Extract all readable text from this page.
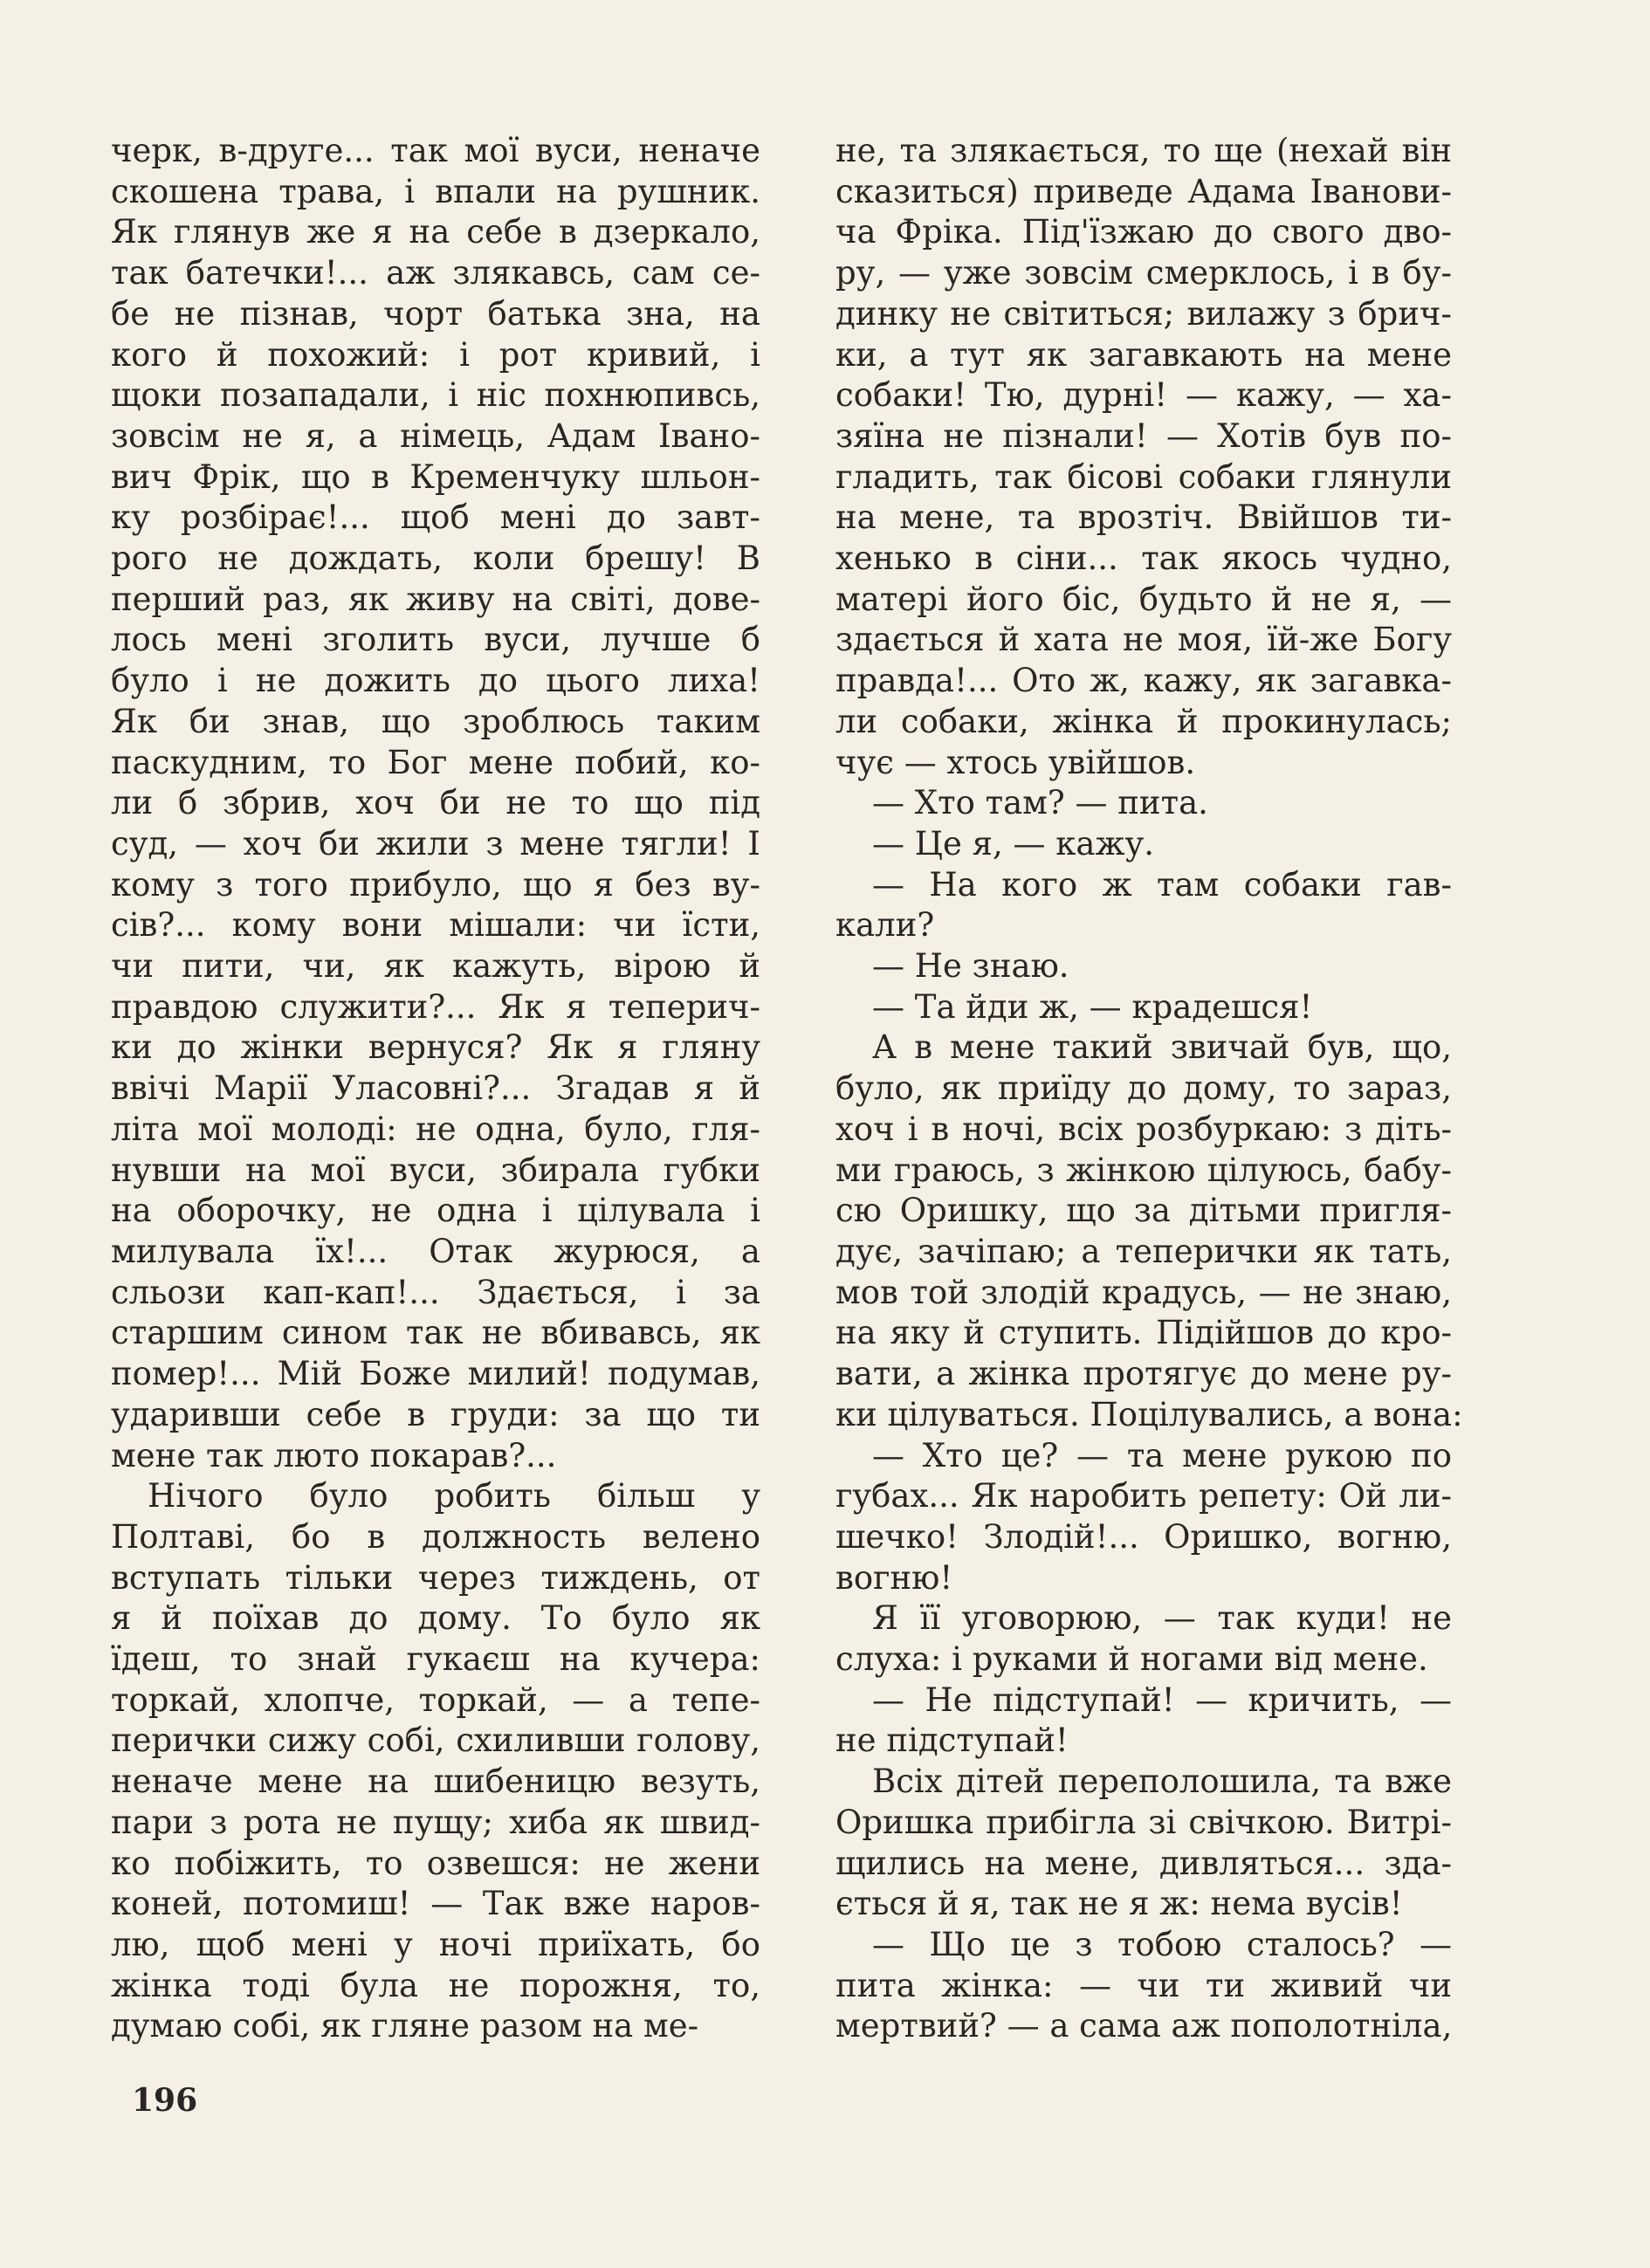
черк, в-друге... так мої вуси, неначе
скошена трава, і впали на рушник.
Як глянув же я на себе в дзеркало,
так батечки!... аж злякавсь, сам се-
бе не пізнав, чорт батька зна, на
кого й похожий: і рот кривий, і
щоки позападали, і ніс похнюпивсь,
зовсім не я, а німець, Адам Івано-
вич Фрік, що в Кременчуку шльон-
ку розбірає!... щоб мені до завт-
рого не дождать, коли брешу! В
перший раз, як живу на світі, дове-
лось мені зголить вуси, лучше б
було і не дожить до цього лиха!
Як би знав, що зроблюсь таким
паскудним, то Бог мене побий, ко-
ли б збрив, хоч би не то що під
суд, — хоч би жили з мене тягли! І
кому з того прибуло, що я без ву-
сів?... кому вони мішали: чи їсти,
чи пити, чи, як кажуть, вірою й
правдою служити?... Як я теперич-
ки до жінки вернуся? Як я гляну
ввічі Марії Уласовні?... Згадав я й
літа мої молоді: не одна, було, гля-
нувши на мої вуси, збирала губки
на оборочку, не одна і цілувала і
милувала їх!... Отак журюся, а
сльози кап-кап!... Здається, і за
старшим сином так не вбивавсь, як
помер!... Мій Боже милий! подумав,
ударивши себе в груди: за що ти
мене так люто покарав?...
Нічого було робить більш у
Полтаві, бо в должность велено
вступать тільки через тиждень, от
я й поїхав до дому. То було як
їдеш, то знай гукаєш на кучера:
торкай, хлопче, торкай, — а тепе-
перички сижу собі, схиливши голову,
неначе мене на шибеницю везуть,
пари з рота не пущу; хиба як швид-
ко побіжить, то озвешся: не жени
коней, потомиш! — Так вже наров-
лю, щоб мені у ночі приїхать, бо
жінка тоді була не порожня, то,
думаю собі, як гляне разом на ме-
не, та злякається, то ще (нехай він
сказиться) приведе Адама Іванови-
ча Фріка. Під'їзжаю до свого дво-
ру, — уже зовсім смерклось, і в бу-
динку не світиться; вилажу з брич-
ки, а тут як загавкають на мене
собаки! Тю, дурні! — кажу, — ха-
зяїна не пізнали! — Хотів був по-
гладить, так бісові собаки глянули
на мене, та врозтіч. Ввійшов ти-
хенько в сіни... так якось чудно,
матері його біс, будьто й не я, —
здається й хата не моя, їй-же Богу
правда!... Ото ж, кажу, як загавка-
ли собаки, жінка й прокинулась;
чує — хтось увійшов.
— Хто там? — пита.
— Це я, — кажу.
— На кого ж там собаки гав-
кали?
— Не знаю.
— Та йди ж, — крадешся!
А в мене такий звичай був, що,
було, як приїду до дому, то зараз,
хоч і в ночі, всіх розбуркаю: з діть-
ми граюсь, з жінкою цілуюсь, бабу-
сю Оришку, що за дітьми пригля-
дує, зачіпаю; а теперички як тать,
мов той злодій крадусь, — не знаю,
на яку й ступить. Підійшов до кро-
вати, а жінка протягує до мене ру-
ки цілуваться. Поцілувались, а вона:
— Хто це? — та мене рукою по
губах... Як наробить репету: Ой ли-
шечко! Злодій!... Оришко, вогню,
вогню!
Я її уговорюю, — так куди! не
слуха: і руками й ногами від мене.
— Не підступай! — кричить, —
не підступай!
Всіх дітей переполошила, та вже
Оришка прибігла зі свічкою. Витрі-
щились на мене, дивляться... зда-
ється й я, так не я ж: нема вусів!
— Що це з тобою сталось? —
пита жінка: — чи ти живий чи
мертвий? — а сама аж пополотніла,
196
